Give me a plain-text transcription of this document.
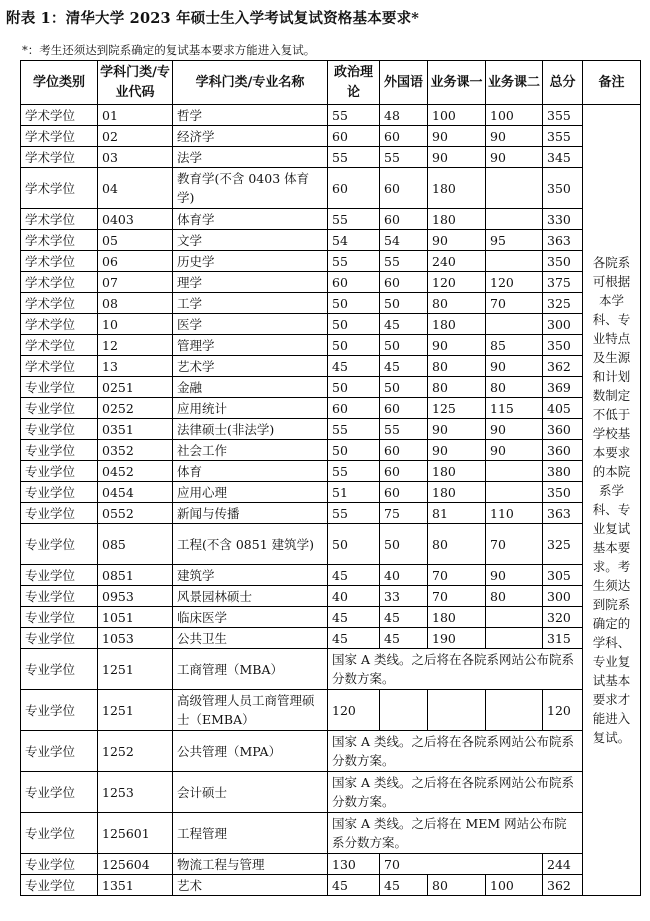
附表 1：清华大学 2023 年硕士生入学考试复试资格基本要求*
*：考生还须达到院系确定的复试基本要求方能进入复试。
学位类别	学科门类/专业代码	学科门类/专业名称	政治理论	外国语	业务课一	业务课二	总分	备注
学术学位	01	哲学	55	48	100	100	355	各院系可根据本学科、专业特点及生源和计划数制定不低于学校基本要求的本院系学科、专业复试基本要求。考生须达到院系确定的学科、专业复试基本要求才能进入复试。
学术学位	02	经济学	60	60	90	90	355	
学术学位	03	法学	55	55	90	90	345	
学术学位	04	教育学(不含 0403 体育学)	60	60	180		350	
学术学位	0403	体育学	55	60	180		330	
学术学位	05	文学	54	54	90	95	363	
学术学位	06	历史学	55	55	240		350	
学术学位	07	理学	60	60	120	120	375	
学术学位	08	工学	50	50	80	70	325	
学术学位	10	医学	50	45	180		300	
学术学位	12	管理学	50	50	90	85	350	
学术学位	13	艺术学	45	45	80	90	362	
专业学位	0251	金融	50	50	80	80	369	
专业学位	0252	应用统计	60	60	125	115	405	
专业学位	0351	法律硕士(非法学)	55	55	90	90	360	
专业学位	0352	社会工作	50	60	90	90	360	
专业学位	0452	体育	55	60	180		380	
专业学位	0454	应用心理	51	60	180		350	
专业学位	0552	新闻与传播	55	75	81	110	363	
专业学位	085	工程(不含 0851 建筑学)	50	50	80	70	325	
专业学位	0851	建筑学	45	40	70	90	305	
专业学位	0953	风景园林硕士	40	33	70	80	300	
专业学位	1051	临床医学	45	45	180		320	
专业学位	1053	公共卫生	45	45	190		315	
专业学位	1251	工商管理（MBA）	国家 A 类线。之后将在各院系网站公布院系分数方案。					
专业学位	1251	高级管理人员工商管理硕士（EMBA）	120				120	
专业学位	1252	公共管理（MPA）	国家 A 类线。之后将在各院系网站公布院系分数方案。					
专业学位	1253	会计硕士	国家 A 类线。之后将在各院系网站公布院系分数方案。					
专业学位	125601	工程管理	国家 A 类线。之后将在 MEM 网站公布院系分数方案。					
专业学位	125604	物流工程与管理	130	70			244	
专业学位	1351	艺术	45	45	80	100	362	
